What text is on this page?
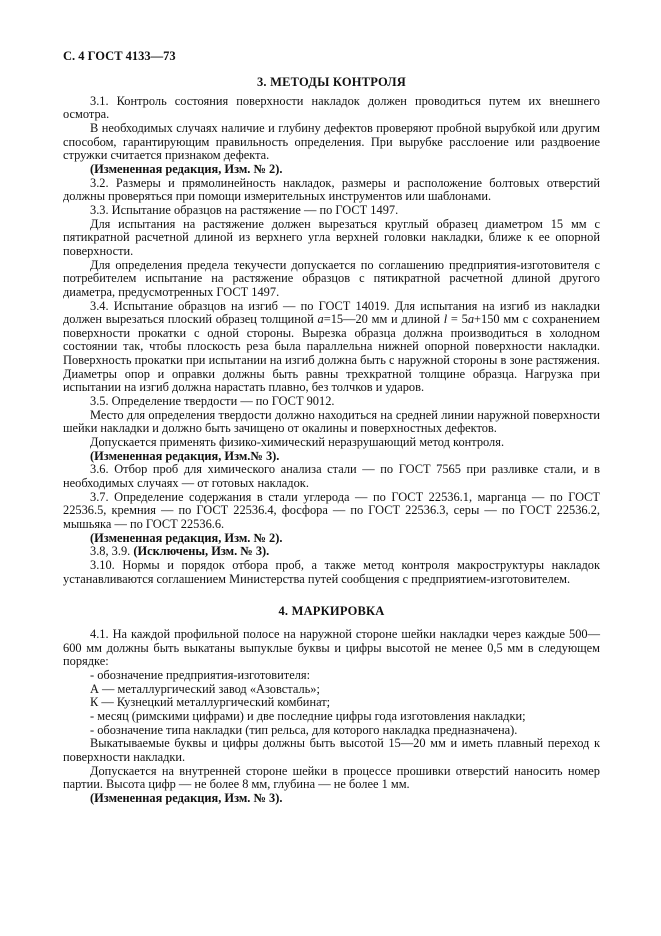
С. 4 ГОСТ 4133—73
3. МЕТОДЫ КОНТРОЛЯ

3.1. Контроль состояния поверхности накладок должен проводиться путем их внешнего осмотра.

В необходимых случаях наличие и глубину дефектов проверяют пробной вырубкой или другим способом, гарантирующим правильность определения. При вырубке расслоение или раздвоение стружки считается признаком дефекта.

(Измененная редакция, Изм. № 2).

3.2. Размеры и прямолинейность накладок, размеры и расположение болтовых отверстий должны проверяться при помощи измерительных инструментов или шаблонами.

3.3. Испытание образцов на растяжение — по ГОСТ 1497.

Для испытания на растяжение должен вырезаться круглый образец диаметром 15 мм с пятикратной расчетной длиной из верхнего угла верхней головки накладки, ближе к ее опорной поверхности.

Для определения предела текучести допускается по соглашению предприятия-изготовителя с потребителем испытание на растяжение образцов с пятикратной расчетной длиной другого диаметра, предусмотренных ГОСТ 1497.

3.4. Испытание образцов на изгиб — по ГОСТ 14019. Для испытания на изгиб из накладки должен вырезаться плоский образец толщиной a=15—20 мм и длиной l = 5a+150 мм с сохранением поверхности прокатки с одной стороны. Вырезка образца должна производиться в холодном состоянии так, чтобы плоскость реза была параллельна нижней опорной поверхности накладки. Поверхность прокатки при испытании на изгиб должна быть с наружной стороны в зоне растяжения. Диаметры опор и оправки должны быть равны трехкратной толщине образца. Нагрузка при испытании на изгиб должна нарастать плавно, без толчков и ударов.

3.5. Определение твердости — по ГОСТ 9012.

Место для определения твердости должно находиться на средней линии наружной поверхности шейки накладки и должно быть зачищено от окалины и поверхностных дефектов.

Допускается применять физико-химический неразрушающий метод контроля.

(Измененная редакция, Изм.№ 3).

3.6. Отбор проб для химического анализа стали — по ГОСТ 7565 при разливке стали, и в необходимых случаях — от готовых накладок.

3.7. Определение содержания в стали углерода — по ГОСТ 22536.1, марганца — по ГОСТ 22536.5, кремния — по ГОСТ 22536.4, фосфора — по ГОСТ 22536.3, серы — по ГОСТ 22536.2, мышьяка — по ГОСТ 22536.6.

(Измененная редакция, Изм. № 2).

3.8, 3.9. (Исключены, Изм. № 3).

3.10. Нормы и порядок отбора проб, а также метод контроля макроструктуры накладок устанавливаются соглашением Министерства путей сообщения с предприятием-изготовителем.

4. МАРКИРОВКА

4.1. На каждой профильной полосе на наружной стороне шейки накладки через каждые 500—600 мм должны быть выкатаны выпуклые буквы и цифры высотой не менее 0,5 мм в следующем порядке:

- обозначение предприятия-изготовителя:

А — металлургический завод «Азовсталь»;

К — Кузнецкий металлургический комбинат;

- месяц (римскими цифрами) и две последние цифры года изготовления накладки;

- обозначение типа накладки (тип рельса, для которого накладка предназначена).

Выкатываемые буквы и цифры должны быть высотой 15—20 мм и иметь плавный переход к поверхности накладки.

Допускается на внутренней стороне шейки в процессе прошивки отверстий наносить номер партии. Высота цифр — не более 8 мм, глубина — не более 1 мм.

(Измененная редакция, Изм. № 3).
